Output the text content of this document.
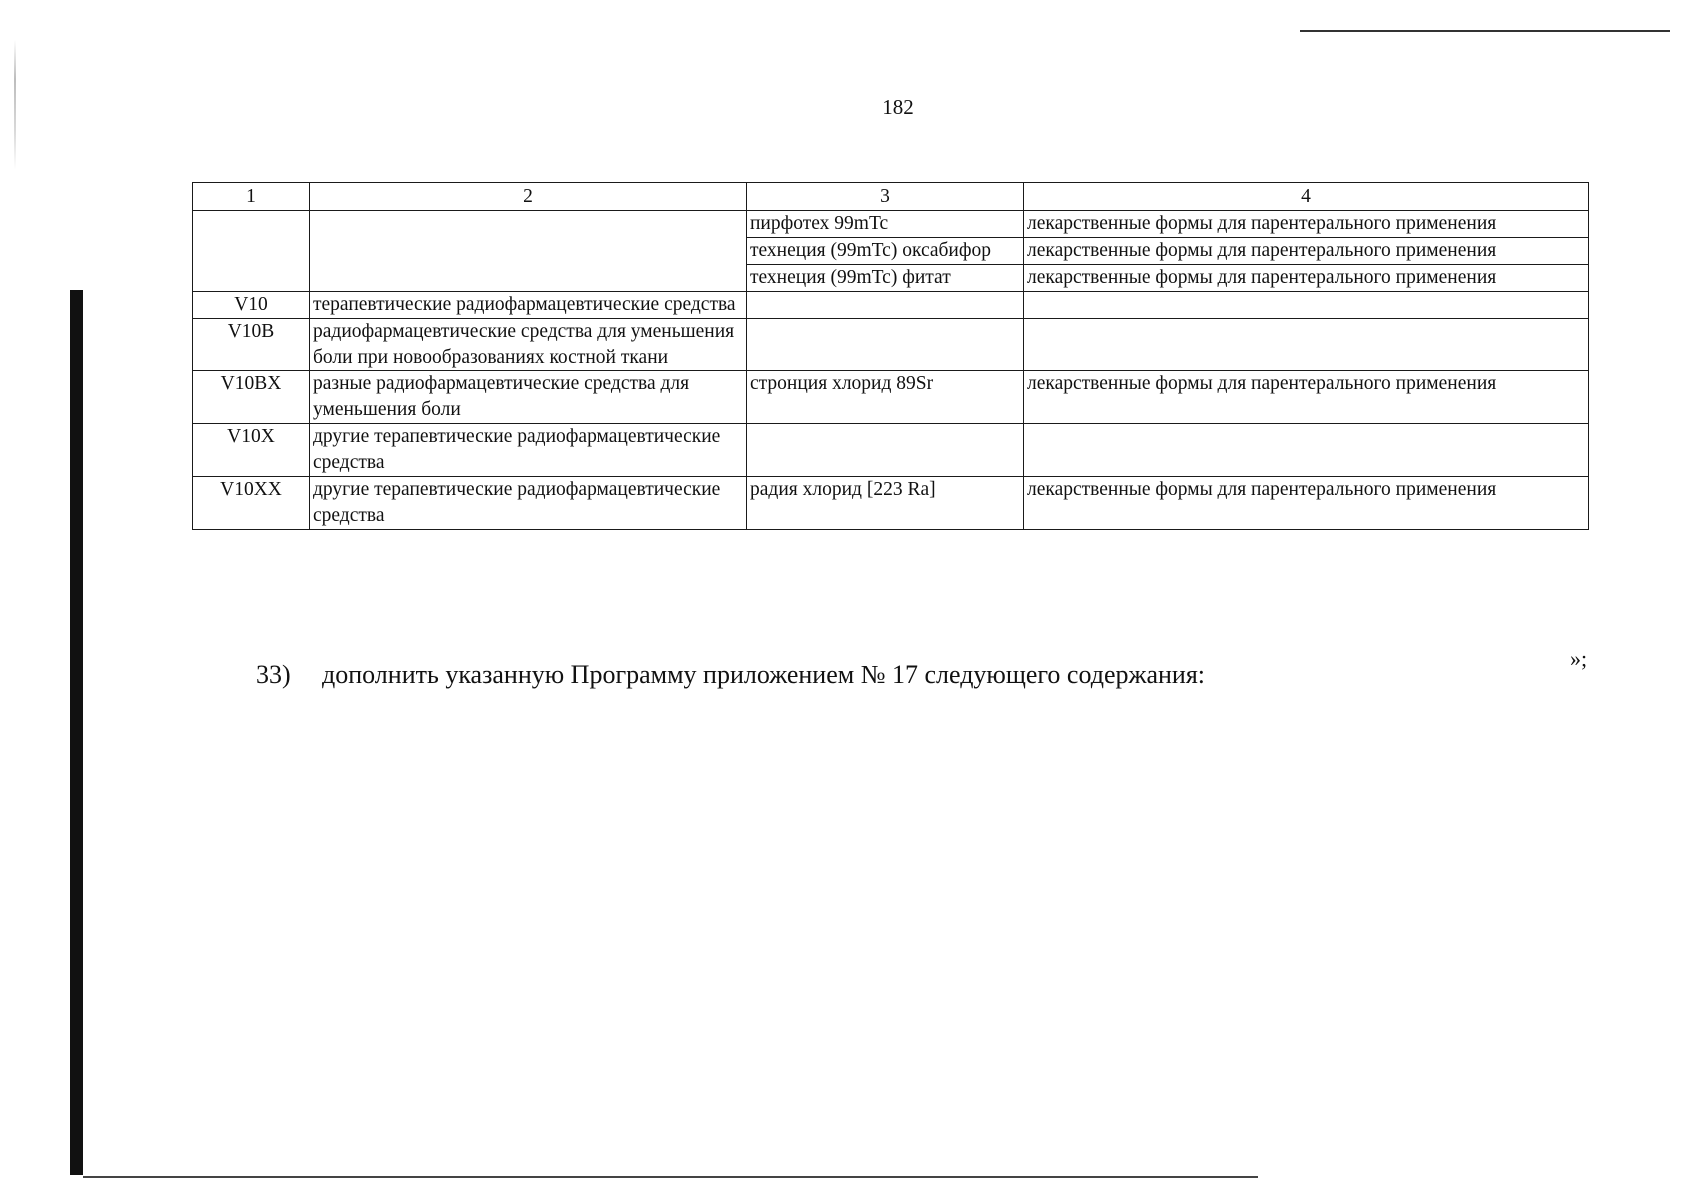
182
1	2	3	4
		пирфотех 99mTc	лекарственные формы для парентерального применения
		технеция (99mTc) оксабифор	лекарственные формы для парентерального применения
		технеция (99mTc) фитат	лекарственные формы для парентерального применения
V10	терапевтические радиофармацевтические средства		
V10B	радиофармацевтические средства для уменьшения боли при новообразованиях костной ткани		
V10BX	разные радиофармацевтические средства для уменьшения боли	стронция хлорид 89Sr	лекарственные формы для парентерального применения
V10X	другие терапевтические радиофармацевтические средства		
V10XX	другие терапевтические радиофармацевтические средства	радия хлорид [223 Ra]	лекарственные формы для парентерального применения
»;
33) дополнить указанную Программу приложением № 17 следующего содержания:
